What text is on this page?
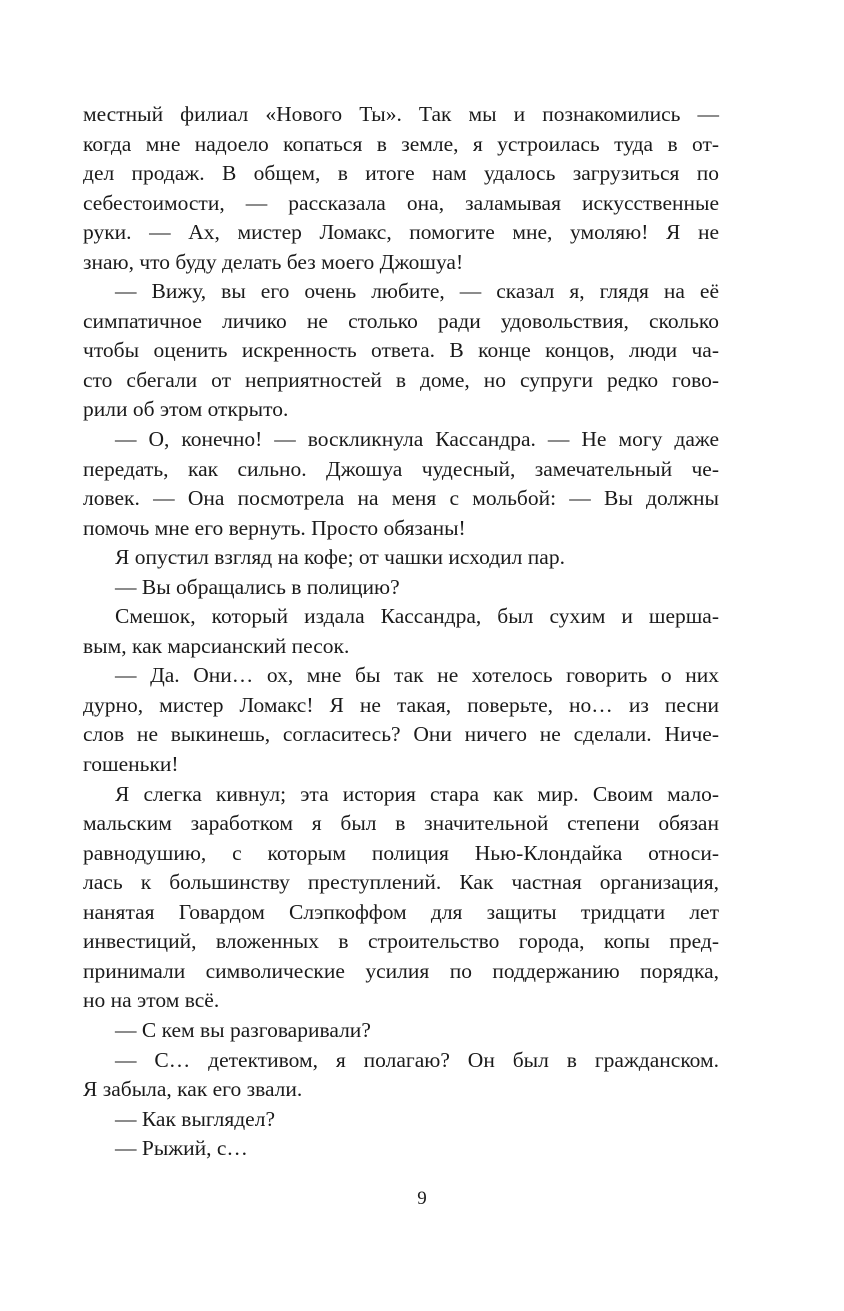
местный филиал «Нового Ты». Так мы и познакомились —
когда мне надоело копаться в земле, я устроилась туда в от-
дел продаж. В общем, в итоге нам удалось загрузиться по
себестоимости, — рассказала она, заламывая искусственные
руки. — Ах, мистер Ломакс, помогите мне, умоляю! Я не
знаю, что буду делать без моего Джошуа!
— Вижу, вы его очень любите, — сказал я, глядя на её
симпатичное личико не столько ради удовольствия, сколько
чтобы оценить искренность ответа. В конце концов, люди ча-
сто сбегали от неприятностей в доме, но супруги редко гово-
рили об этом открыто.
— О, конечно! — воскликнула Кассандра. — Не могу даже
передать, как сильно. Джошуа чудесный, замечательный че-
ловек. — Она посмотрела на меня с мольбой: — Вы должны
помочь мне его вернуть. Просто обязаны!
Я опустил взгляд на кофе; от чашки исходил пар.
— Вы обращались в полицию?
Смешок, который издала Кассандра, был сухим и шерша-
вым, как марсианский песок.
— Да. Они… ох, мне бы так не хотелось говорить о них
дурно, мистер Ломакс! Я не такая, поверьте, но… из песни
слов не выкинешь, согласитесь? Они ничего не сделали. Ниче-
гошеньки!
Я слегка кивнул; эта история стара как мир. Своим мало-
мальским заработком я был в значительной степени обязан
равнодушию, с которым полиция Нью-Клондайка относи-
лась к большинству преступлений. Как частная организация,
нанятая Говардом Слэпкоффом для защиты тридцати лет
инвестиций, вложенных в строительство города, копы пред-
принимали символические усилия по поддержанию порядка,
но на этом всё.
— С кем вы разговаривали?
— С… детективом, я полагаю? Он был в гражданском.
Я забыла, как его звали.
— Как выглядел?
— Рыжий, с…
9
